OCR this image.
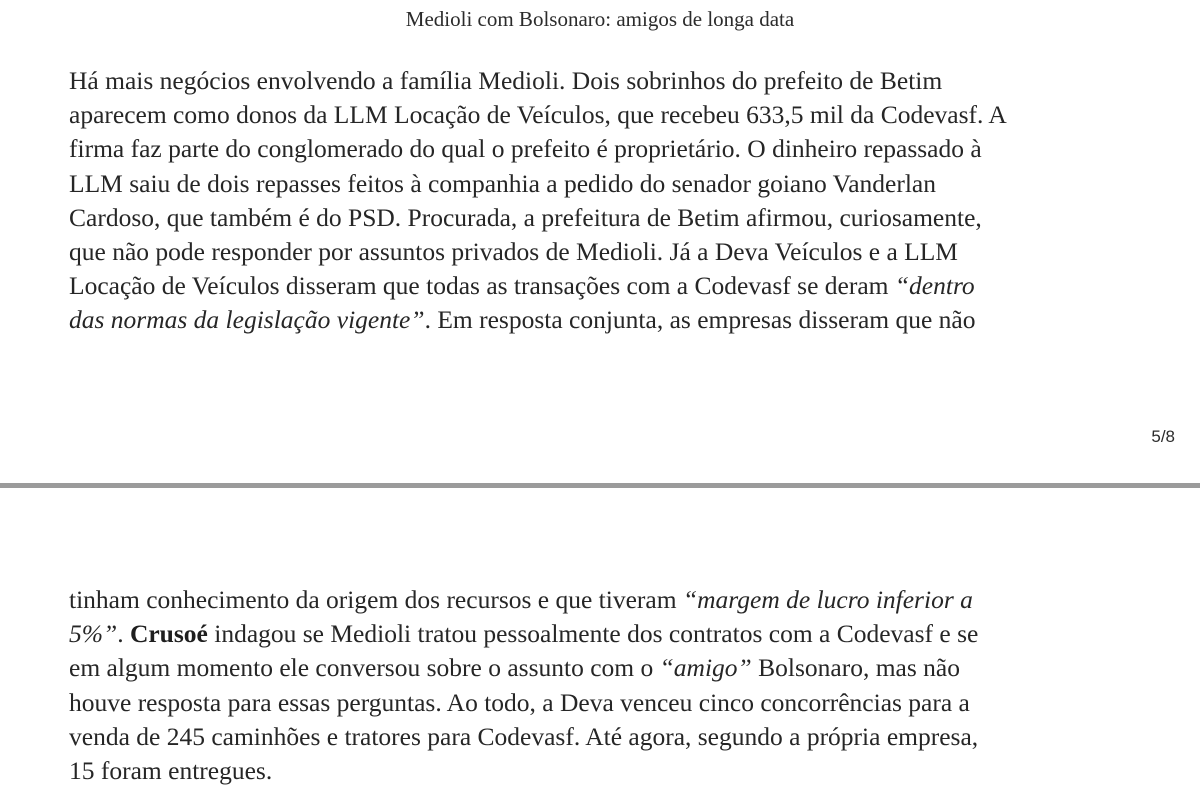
Medioli com Bolsonaro: amigos de longa data

Há mais negócios envolvendo a família Medioli. Dois sobrinhos do prefeito de Betim
aparecem como donos da LLM Locação de Veículos, que recebeu 633,5 mil da Codevasf. A
firma faz parte do conglomerado do qual o prefeito é proprietário. O dinheiro repassado à
LLM saiu de dois repasses feitos à companhia a pedido do senador goiano Vanderlan
Cardoso, que também é do PSD. Procurada, a prefeitura de Betim afirmou, curiosamente,
que não pode responder por assuntos privados de Medioli. Já a Deva Veículos e a LLM
Locação de Veículos disseram que todas as transações com a Codevasf se deram “dentro
das normas da legislação vigente”. Em resposta conjunta, as empresas disseram que não

5/8

tinham conhecimento da origem dos recursos e que tiveram “margem de lucro inferior a
5%”. Crusoé indagou se Medioli tratou pessoalmente dos contratos com a Codevasf e se
em algum momento ele conversou sobre o assunto com o “amigo” Bolsonaro, mas não
houve resposta para essas perguntas. Ao todo, a Deva venceu cinco concorrências para a
venda de 245 caminhões e tratores para Codevasf. Até agora, segundo a própria empresa,
15 foram entregues.
